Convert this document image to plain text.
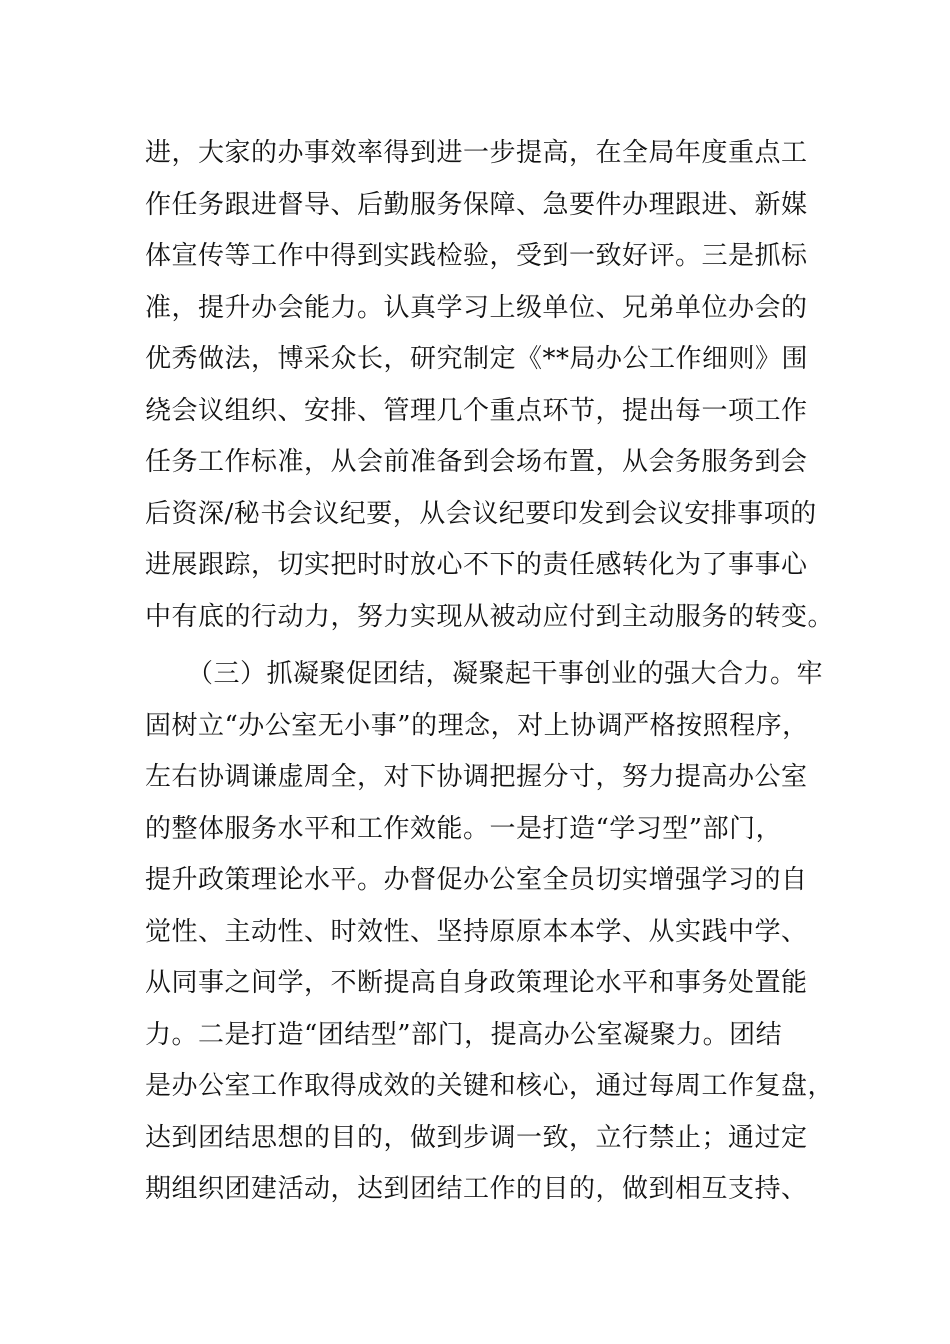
进，大家的办事效率得到进一步提高，在全局年度重点工
作任务跟进督导、后勤服务保障、急要件办理跟进、新媒
体宣传等工作中得到实践检验，受到一致好评。三是抓标
准，提升办会能力。认真学习上级单位、兄弟单位办会的
优秀做法，博采众长，研究制定《**局办公工作细则》围
绕会议组织、安排、管理几个重点环节，提出每一项工作
任务工作标准，从会前准备到会场布置，从会务服务到会
后资深/秘书会议纪要，从会议纪要印发到会议安排事项的
进展跟踪，切实把时时放心不下的责任感转化为了事事心
中有底的行动力，努力实现从被动应付到主动服务的转变。
（三）抓凝聚促团结，凝聚起干事创业的强大合力。牢
固树立“办公室无小事”的理念，对上协调严格按照程序，
左右协调谦虚周全，对下协调把握分寸，努力提高办公室
的整体服务水平和工作效能。一是打造“学习型”部门，
提升政策理论水平。办督促办公室全员切实增强学习的自
觉性、主动性、时效性、坚持原原本本学、从实践中学、
从同事之间学，不断提高自身政策理论水平和事务处置能
力。二是打造“团结型”部门，提高办公室凝聚力。团结
是办公室工作取得成效的关键和核心，通过每周工作复盘，
达到团结思想的目的，做到步调一致，立行禁止；通过定
期组织团建活动，达到团结工作的目的，做到相互支持、
